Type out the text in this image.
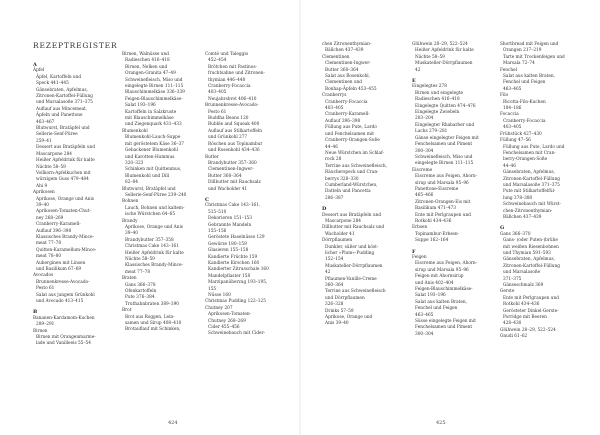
REZEPTREGISTER
A
Äpfel
Äpfel, Kartoffeln und
Speck 441–445
Gänsebraten, Apfelmus,
Zitronen-Kartoffel-Füllung
und Marsalasoße 371–375
Auflauf aus Mincemeat,
Äpfeln und Panettone
463–467
Blutwurst, Bratäpfel und
Sellerie-Senf-Püree
259–41
Dessert aus Bratäpfeln und
Mascarpone 284
Heißer Apfeldrink für kalte
Nächte 58–59
Vollkorn-Apfelkuchen mit
würzigem Guss 479–484
Ahi 9
Aprikosen
Aprikose, Orange und Anis
39–40
Aprikosen-Tomaten-Chut-
ney 268–269
Cranberry-Karamell-
Auflauf 396–398
Klassisches Brandy-Mince-
meat 77–78
Quitten-Karamellum-Mince-
meat 78–80
Auberginen mit Linsen
und Basilikum 67–69
Avocados
Brunnenkresse-Avocado-
Pesto 61
Salat aus jungem Grünkohl
und Avocado 413–415
B
Bananen-Kardamom-Kuchen
289–291
Birnen
Birnen mit Orangenmarme-
lade und Vanilleeis 55–54
Birnen, Walnüsse und
Radieschen 416–418
Birnen, Nelken und
Orangen-Granita 47–49
Schweinefleisch, Miso und
eingelegte Birnen 111–115
Blauschimmelkäse 336–339
Feigen-Blauschimmelkäse-
Salat 193–196
Kartoffeln in Salzkruste
mit Blauschimmelkäse
und Ziegenquark 431–433
Blumenkohl
Blumenkohl-Lauch-Suppe
mit geröstetem Käse 36–37
Gebackener Blumenkohl
und Karotten-Hummus
320–323
Schinken mit Quittenmus,
Blumenkohl und Dill
82–84
Blutwurst, Bratäpfel und
Sellerie-Senf-Püree 239–240
Bohnen
Lauch, Bohnen und kaltem-
ische Würstchen 64–65
Brandy
Aprikose, Orange und Anis
39–40
Brandybutter 357–358
Christmas Cake 143–161
Heißer Apfeldrink für kalte
Nächte 58–59
Klassisches Brandy-Mince-
meat 77–78
Braten
Gans 366–378
Ofenkartoffeln
Pute 376–384
Truthahnbraten 389–390
Brot
Brot aus Roggen, Lein-
samen und Sirup 408–410
Brotauflauf mit Schinken,
Comté und Taleggio
452–454
Brötchen mit Pastinos-
fruchtsahne und Zitronen-
thymian 446–448
Cranberry-Focaccia
403–405
Neujahrsbrot 406–410
Brunnenkresse-Avocado-
Pesto 61
Buddha Beans 120
Bubble and Squeak 400
Auflauf aus Stilkartoffeln
und Grünkohl 277
Röschen aus Topinambur
und Rosenkohl 434–436
Butter
Brandybutter 357–360
Clementinen-Ingwer-
Butter 360–364
Dillbutter mit Rauchsalz
und Wacholder 41
C
Christmas Cake 143–161,
515–510
Dekorieren 151–153
Gebrannte Mandeln
155–156
Geröstete Haselnüsse 129
Gewürze 180–159
Glasieren 155–158
Kandierte Früchte 159
Kandierte Kirschen 160
Kandierter Zitrusschale 160
Mandelpflaster 158
Marzipanüberzug 193–195,
155
Nüsse 160
Christmas Pudding 122–125
Chutney 207
Aprikosen-Tomaten-
Chutney 268–269
Cider 455–456
Schweinebauch mit Cider-
424
chen Zitronenthymian-
Bällchen 437–439
Clementinen
Clementinen-Ingwer-
Butter 360–364
Salat aus Rosenkohl,
Clementinen und
Bonhap-Äpfeln 453–455
Cranberrys
Cranberry-Focaccia
403–405
Cranberry-Karamell-
Auflauf 396–398
Füllung aus Pute, Lardo
und Fenchelsamen mit
Cranberry-Orangen-Soße
44–46
Neue Würstchen im Schlaf-
rock 28
Terrine aus Schweinefleisch,
Räucherspeck und Cran-
berrys 328–330
Cumberland-Würstchen,
Datteln und Pancetta
286–387
D
Dessert aus Bratäpfeln und
Mascarpone 284
Dillbutter mit Rauchsalz und
Wacholder 41
Dörrpflaumen
Dunkler, süßer und köst-
licher »Plum«-Pudding
152–154
Muskateller-Dörrpflaumen
42
Pflaumen-Vanille-Creme
360–364
Terrine aus Schweinefleisch
und Dörrpflaumen
326–328
Drinks 57–59
Aprikose, Orange und
Anis 39–40
Glühwein 28–29, 522–524
Heißer Apfeldrink für kalte
Nächte 58–59
Muskateller-Dörrpflaumen
42
E
Eingelegtes 278
Birnen und eingelegte
Radieschen 416–418
Eingelegte Quitten 474–476
Eingelegte Zwiebeln
203–204
Eingelegter Rhabarber und
Lachs 279–281
Gänse eingelegter Feigen mit
Fenchelsamen und Piment
300–304
Schweinefleisch, Miso und
eingelegte Birnen 111–115
Eiscreme
Eiscreme aus Feigen, Ahorn-
sirup und Marsala 95–96
Panettone-Eiscreme
465–466
Zitronen-Orangen-Eis mit
Basilikum 471–473
Ente mit Perlgraupen und
Rotkohl 434–436
Erbsen
Topinambur-Erbsen-
Suppe 162–164
F
Feigen
Eiscreme aus Feigen, Ahorn-
sirup und Marsala 95–96
Feigen mit Ahornsirup
und Anis 402–404
Feigen-Blauschimmelkäse-
Salat 193–196
Salat aus kalten Braten,
Fenchel und Feigen
463–465
Süsse eingelegte Feigen mit
Fenchelsamen und Piment
300–304
Shortbread mit Feigen und
Orangen 217–219
Tarte mit Trockenfeigen und
Marsala 72–74
Fenchel
Salat aus kalten Braten,
Fenchel und Feigen
463–465
Filo
Ricotta-Filo-Kuchen
184–186
Focaccia
Cranberry-Focaccia
403–405
Frühstück 427–430
Füllung 47–56
Füllung aus Pute, Lardo und
Fenchelsamen mit Cran-
berry-Orangen-Soße
44–46
Gänsebraten, Apfelmus,
Zitronen-Kartoffel-Füllung
und Marsalasoße 371–375
Pute mit Stilkartoffelfül-
lung 378–380
Schweinebauch mit Würst-
chen-Zitronenthymian-
Bällchen 437–439
G
Gans 366–370
Gans- (oder Puten-)brühe
mit weißen Riesenbohnen
und Thymian 591–593
Gänsebraten, Apfelmus,
Zitronen-Kartoffel-Füllung
und Marsalasoße
371–375
Gänseschmalz 369
Gerste
Ente mit Perlgraupen und
Rotkohl 434–436
Gerösteter Dinkel-Gerste-
Porridge mit Beeren
428–430
Glühwein 28–29, 522–524
Gnudi 61–62
425
